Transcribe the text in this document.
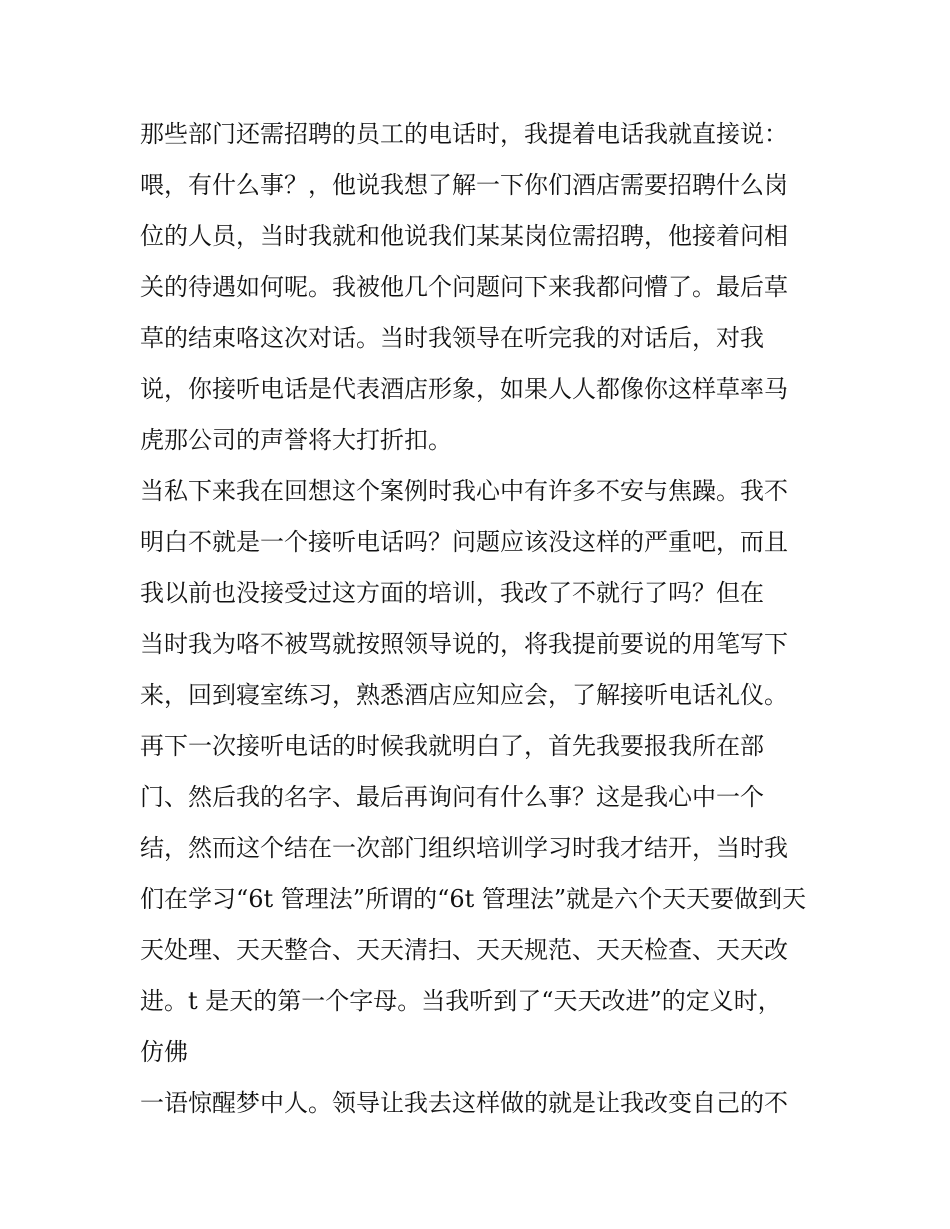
那些部门还需招聘的员工的电话时，我提着电话我就直接说：
喂，有什么事？，他说我想了解一下你们酒店需要招聘什么岗
位的人员，当时我就和他说我们某某岗位需招聘，他接着问相
关的待遇如何呢。我被他几个问题问下来我都问懵了。最后草
草的结束咯这次对话。当时我领导在听完我的对话后，对我
说，你接听电话是代表酒店形象，如果人人都像你这样草率马
虎那公司的声誉将大打折扣。
当私下来我在回想这个案例时我心中有许多不安与焦躁。我不
明白不就是一个接听电话吗？问题应该没这样的严重吧，而且
我以前也没接受过这方面的培训，我改了不就行了吗？但在
当时我为咯不被骂就按照领导说的，将我提前要说的用笔写下
来，回到寝室练习，熟悉酒店应知应会，了解接听电话礼仪。
再下一次接听电话的时候我就明白了，首先我要报我所在部
门、然后我的名字、最后再询问有什么事？这是我心中一个
结，然而这个结在一次部门组织培训学习时我才结开，当时我
们在学习“6t 管理法”所谓的“6t 管理法”就是六个天天要做到天
天处理、天天整合、天天清扫、天天规范、天天检查、天天改
进。t 是天的第一个字母。当我听到了“天天改进”的定义时，
仿佛
一语惊醒梦中人。领导让我去这样做的就是让我改变自己的不
